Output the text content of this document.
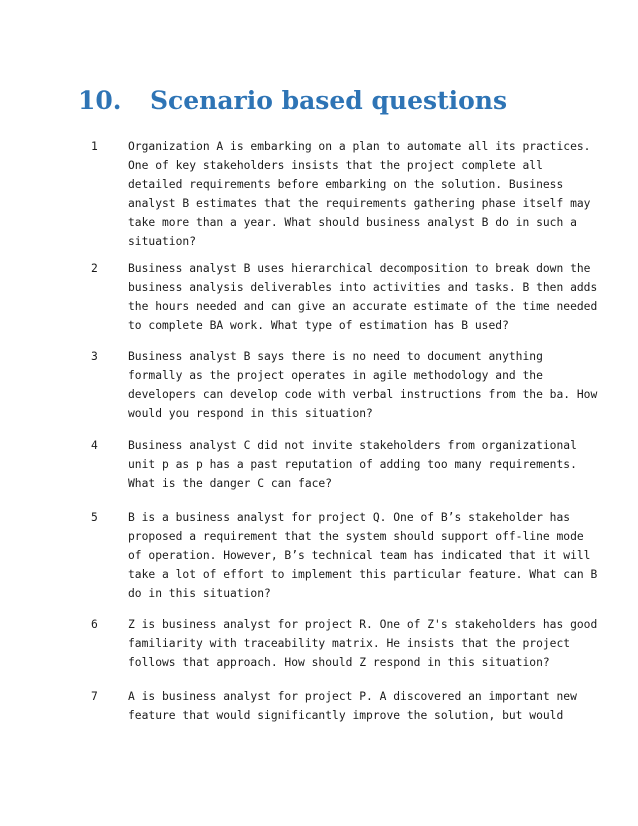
10.	Scenario based questions
1	Organization A is embarking on a plan to automate all its practices.
One of key stakeholders insists that the project complete all
detailed requirements before embarking on the solution. Business
analyst B estimates that the requirements gathering phase itself may
take more than a year. What should business analyst B do in such a
situation?
2	Business analyst B uses hierarchical decomposition to break down the
business analysis deliverables into activities and tasks. B then adds
the hours needed and can give an accurate estimate of the time needed
to complete BA work. What type of estimation has B used?
3	Business analyst B says there is no need to document anything
formally as the project operates in agile methodology and the
developers can develop code with verbal instructions from the ba. How
would you respond in this situation?
4	Business analyst C did not invite stakeholders from organizational
unit p as p has a past reputation of adding too many requirements.
What is the danger C can face?
5	B is a business analyst for project Q. One of B’s stakeholder has
proposed a requirement that the system should support off-line mode
of operation. However, B’s technical team has indicated that it will
take a lot of effort to implement this particular feature. What can B
do in this situation?
6	Z is business analyst for project R. One of Z's stakeholders has good
familiarity with traceability matrix. He insists that the project
follows that approach. How should Z respond in this situation?
7	A is business analyst for project P. A discovered an important new
feature that would significantly improve the solution, but would
